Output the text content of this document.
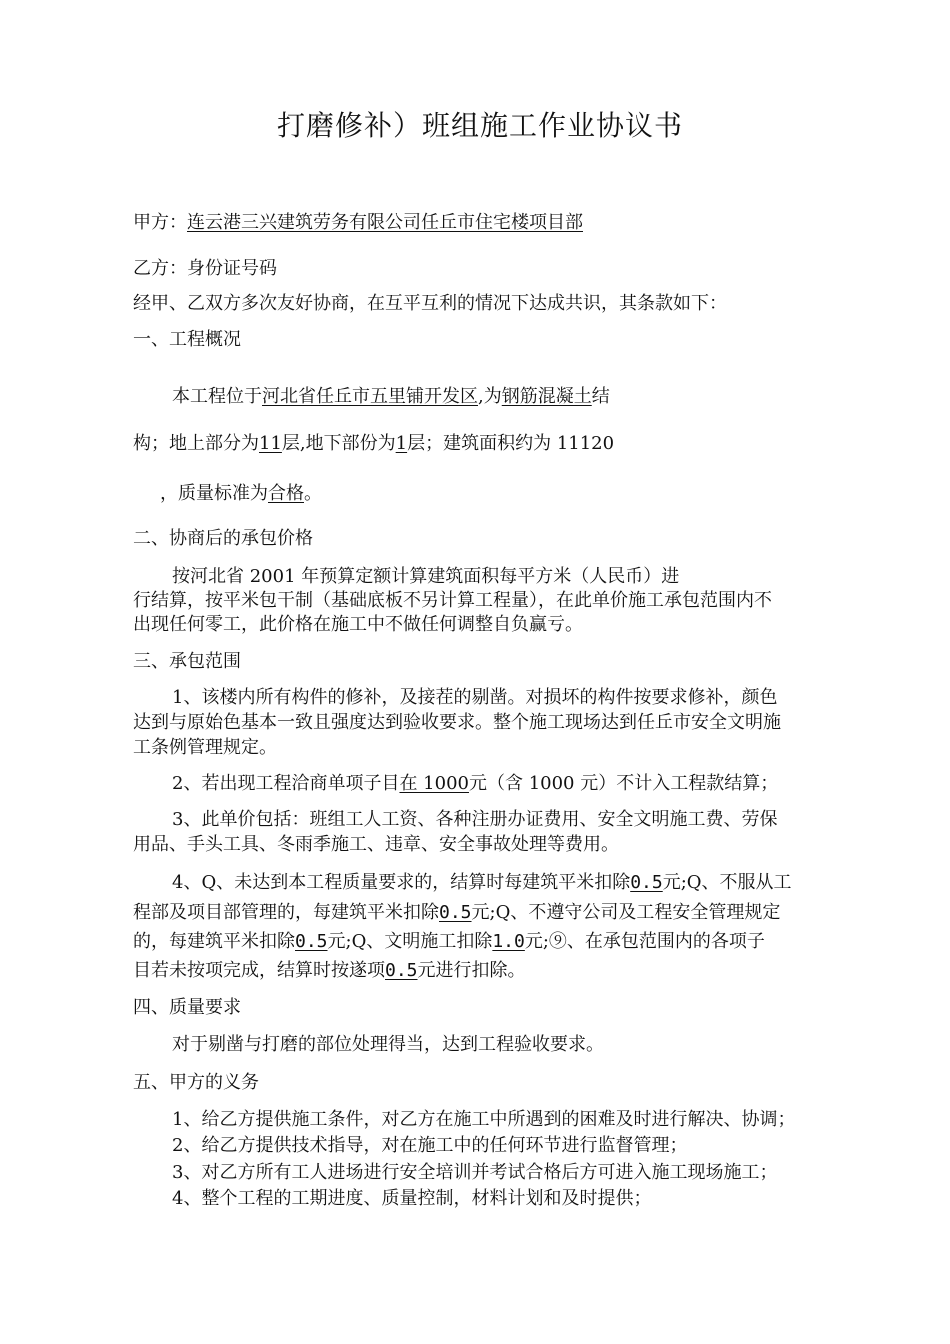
打磨修补）班组施工作业协议书
甲方：连云港三兴建筑劳务有限公司任丘市住宅楼项目部
乙方：身份证号码
经甲、乙双方多次友好协商，在互平互利的情况下达成共识，其条款如下：
一、工程概况
本工程位于河北省任丘市五里铺开发区,为钢筋混凝土结
构；地上部分为11层,地下部份为1层；建筑面积约为 11120
，质量标准为合格。
二、协商后的承包价格
按河北省 2001 年预算定额计算建筑面积每平方米（人民币）进
行结算，按平米包干制（基础底板不另计算工程量），在此单价施工承包范围内不
出现任何零工，此价格在施工中不做任何调整自负赢亏。
三、承包范围
1、该楼内所有构件的修补，及接茬的剔凿。对损坏的构件按要求修补，颜色
达到与原始色基本一致且强度达到验收要求。整个施工现场达到任丘市安全文明施
工条例管理规定。
2、若出现工程洽商单项子目在 1000元（含 1000 元）不计入工程款结算；
3、此单价包括：班组工人工资、各种注册办证费用、安全文明施工费、劳保
用品、手头工具、冬雨季施工、违章、安全事故处理等费用。
4、Q、未达到本工程质量要求的，结算时每建筑平米扣除0.5元;Q、不服从工
程部及项目部管理的，每建筑平米扣除0.5元;Q、不遵守公司及工程安全管理规定
的，每建筑平米扣除0.5元;Q、文明施工扣除1.0元;⑨、在承包范围内的各项子
目若未按项完成，结算时按遂项0.5元进行扣除。
四、质量要求
对于剔凿与打磨的部位处理得当，达到工程验收要求。
五、甲方的义务
1、给乙方提供施工条件，对乙方在施工中所遇到的困难及时进行解决、协调；
2、给乙方提供技术指导，对在施工中的任何环节进行监督管理；
3、对乙方所有工人进场进行安全培训并考试合格后方可进入施工现场施工；
4、整个工程的工期进度、质量控制，材料计划和及时提供；
